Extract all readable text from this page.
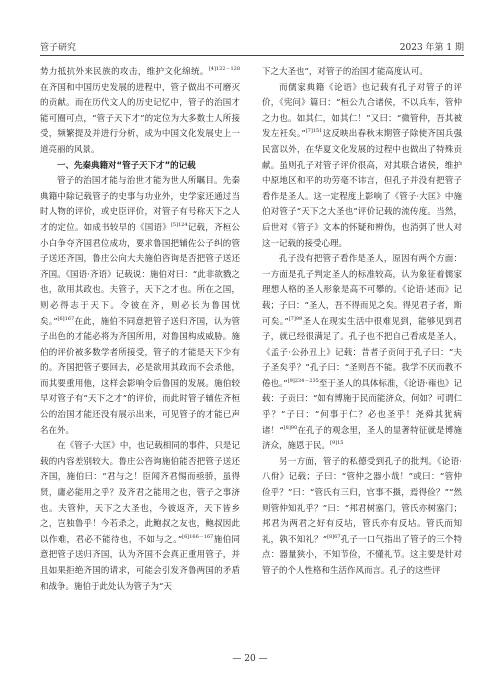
管子研究	2023 年第 1 期

势力抵抗外来民族的攻击，维护文化绵统。$^{[4]122-128}$在齐国和中国历史发展的进程中，管子做出不可磨灭的贡献。而在历代文人的历史记忆中，管子的治国才能可圈可点，“管子天下才”的定位为大多数士人所接受，频繁提及并进行分析，成为中国文化发展史上一道亮丽的风景。

一、先秦典籍对“管子天下才”的记载

管子的治国才能与治世才能为世人所瞩目。先秦典籍中除记载管子的史事与功业外，史学家还通过当时人物的评价，或史臣评价，对管子有号称天下之人才的定位。如成书较早的《国语》$^{[5]124}$记载，齐桓公小白争夺齐国君位成功，要求鲁国把辅佐公子纠的管子送还齐国，鲁庄公向大夫施伯咨询是否把管子送还齐国。《国语·齐语》记载说：施伯对曰：“此非欲戮之也，欲用其政也。夫管子，天下之才也。所在之国，则必得志于天下。令彼在齐，则必长为鲁国忧矣。”$^{[6]167}$在此，施伯不同意把管子送归齐国，认为管子出色的才能必将为齐国所用，对鲁国构成威胁。施伯的评价被多数学者所接受，管子的才能是天下少有的。齐国把管子要回去，必是欲用其政而不会杀他，而其要重用他，这样会影响令后鲁国的发展。施伯较早对管子有“天下之才”的评价，而此时管子辅佐齐桓公的治国才能还没有展示出来，可见管子的才能已声名在外。

在《管子·大匡》中，也记载相同的事件，只是记载的内容差别较大。鲁庄公咨询施伯能否把管子送还齐国，施伯曰：“君与之！臣闻齐君惕而亟骄，虽得贤，庸必能用之乎？及齐君之能用之也，管子之事济也。夫管仲，天下之大圣也，今彼返齐，天下皆乡之，岂独鲁乎！今若杀之，此鲍叔之友也，鲍叔因此以作难，君必不能待也，不如与之。”$^{[6]166-167}$施伯同意把管子送归齐国，认为齐国不会真正重用管子，并且如果拒绝齐国的请求，可能会引发齐鲁两国的矛盾和战争。施伯于此处认为管子为“天

下之大圣也”，对管子的治国才能高度认可。

而儒家典籍《论语》也记载有孔子对管子的评价，《宪问》篇曰：“桓公九合诸侯，不以兵车，管仲之力也。如其仁，如其仁！”又曰：“微管仲，吾其被发左衽矣。”$^{[7]151}$这反映出春秋末期管子除使齐国兵强民富以外，在华夏文化发展的过程中也做出了特殊贡献。虽则孔子对管子评价很高，对其联合诸侯，维护中原地区和平的功劳毫不讳言，但孔子并没有把管子看作是圣人。这一定程度上影响了《管子·大匡》中施伯对管子“天下之大圣也”评价记载的流传度。当然，后世对《管子》文本的怀疑和辨伪，也消弭了世人对这一记载的接受心理。

孔子没有把管子看作是圣人，原因有两个方面：一方面是孔子判定圣人的标准较高，认为象征着儒家理想人格的圣人形象是高不可攀的。《论语·述而》记载；子曰：“圣人，吾不得而见之矣。得见君子者，斯可矣。”$^{[7]99}$圣人在现实生活中很难见到，能够见到君子，就已经很满足了。孔子也不把自己看成是圣人，《孟子·公孙丑上》记载：昔者子贡问于孔子曰：“夫子圣矣乎？”孔子曰：“圣则吾不能。我学不厌而教不倦也。”$^{[9]234-235}$至于圣人的具体标准，《论语·雍也》记载：子贡曰：“如有博施于民而能济众，何如？可谓仁乎？”子曰：“何事于仁？必也圣乎！尧舜其犹病诸！”$^{[8]90}$在孔子的观念里，圣人的显著特征就是博施济众，施恩于民。$^{[9]15}$

另一方面，管子的私德受到孔子的批判。《论语·八佾》记载；子曰：“管仲之器小哉！”或曰：“管仲俭乎？”曰：“管氏有三归，官事不摄，焉得俭？”“然则管仲知礼乎？”曰：“邦君树塞门，管氏亦树塞门；邦君为两君之好有反坫，管氏亦有反坫。管氏而知礼，孰不知礼？”$^{[8]67}$孔子一口气指出了管子的三个特点：器量狭小，不知节俭，不懂礼节。这主要是针对管子的个人性格和生活作风而言。孔子的这些评

— 20 —
